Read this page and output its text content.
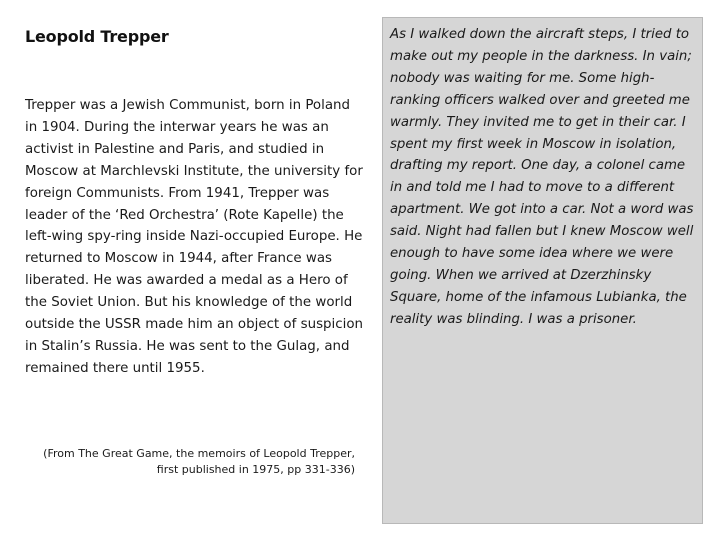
Leopold Trepper

Trepper was a Jewish Communist, born in Poland in 1904. During the interwar years he was an activist in Palestine and Paris, and studied in Moscow at Marchlevski Institute, the university for foreign Communists. From 1941, Trepper was leader of the ‘Red Orchestra’ (Rote Kapelle) the left-wing spy-ring inside Nazi-occupied Europe. He returned to Moscow in 1944, after France was liberated. He was awarded a medal as a Hero of the Soviet Union. But his knowledge of the world outside the USSR made him an object of suspicion in Stalin’s Russia. He was sent to the Gulag, and remained there until 1955.

(From The Great Game, the memoirs of Leopold Trepper, first published in 1975, pp 331-336)

As I walked down the aircraft steps, I tried to make out my people in the darkness. In vain; nobody was waiting for me. Some high-ranking officers walked over and greeted me warmly. They invited me to get in their car. I spent my first week in Moscow in isolation, drafting my report. One day, a colonel came in and told me I had to move to a different apartment. We got into a car. Not a word was said. Night had fallen but I knew Moscow well enough to have some idea where we were going. When we arrived at Dzerzhinsky Square, home of the infamous Lubianka, the reality was blinding. I was a prisoner.
